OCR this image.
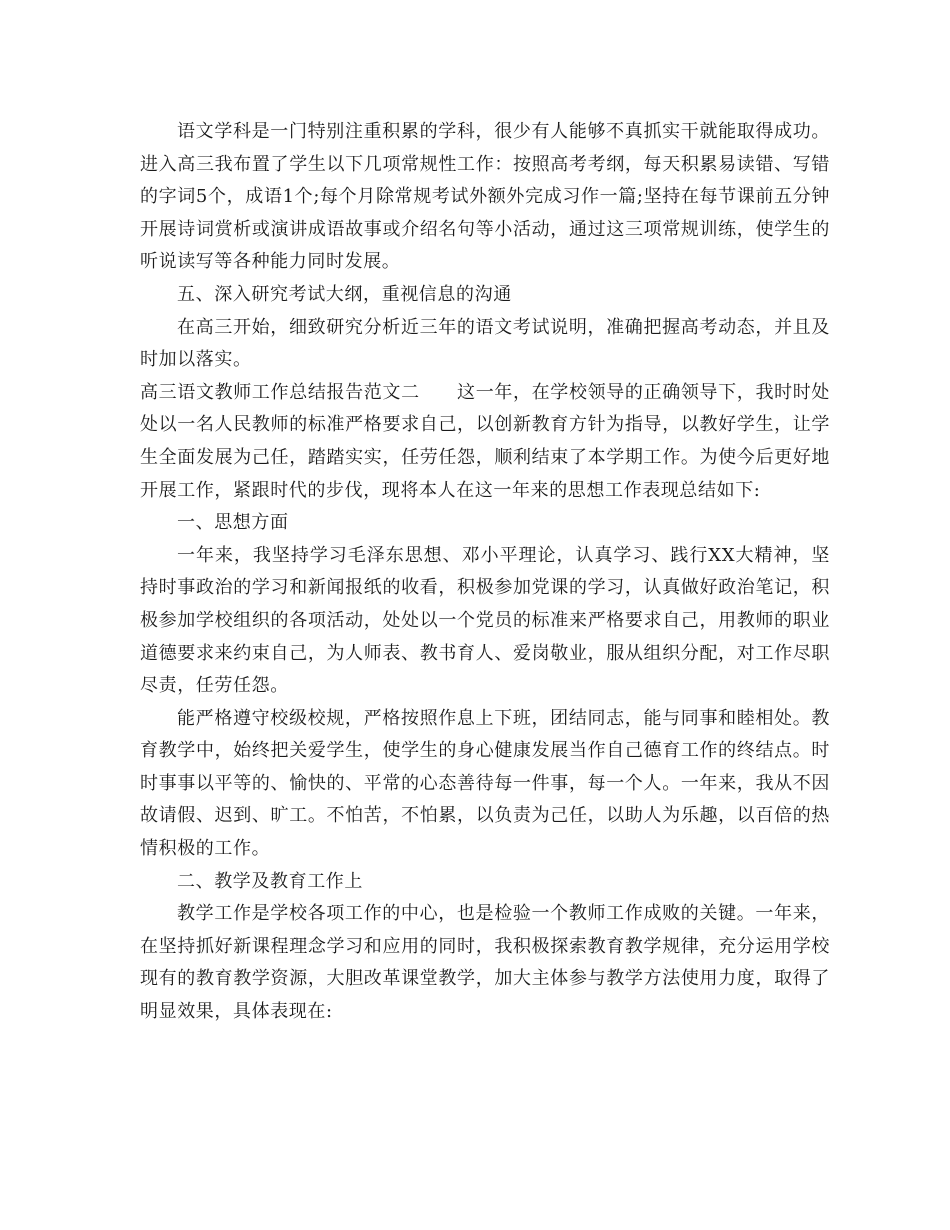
语文学科是一门特别注重积累的学科，很少有人能够不真抓实干就能取得成功。进入高三我布置了学生以下几项常规性工作：按照高考考纲，每天积累易读错、写错的字词5个，成语1个;每个月除常规考试外额外完成习作一篇;坚持在每节课前五分钟开展诗词赏析或演讲成语故事或介绍名句等小活动，通过这三项常规训练，使学生的听说读写等各种能力同时发展。

五、深入研究考试大纲，重视信息的沟通

在高三开始，细致研究分析近三年的语文考试说明，准确把握高考动态，并且及时加以落实。

高三语文教师工作总结报告范文二　　这一年，在学校领导的正确领导下，我时时处处以一名人民教师的标准严格要求自己，以创新教育方针为指导，以教好学生，让学生全面发展为己任，踏踏实实，任劳任怨，顺利结束了本学期工作。为使今后更好地开展工作，紧跟时代的步伐，现将本人在这一年来的思想工作表现总结如下:

一、思想方面

一年来，我坚持学习毛泽东思想、邓小平理论，认真学习、践行XX大精神，坚持时事政治的学习和新闻报纸的收看，积极参加党课的学习，认真做好政治笔记，积极参加学校组织的各项活动，处处以一个党员的标准来严格要求自己，用教师的职业道德要求来约束自己，为人师表、教书育人、爱岗敬业，服从组织分配，对工作尽职尽责，任劳任怨。

能严格遵守校级校规，严格按照作息上下班，团结同志，能与同事和睦相处。教育教学中，始终把关爱学生，使学生的身心健康发展当作自己德育工作的终结点。时时事事以平等的、愉快的、平常的心态善待每一件事，每一个人。一年来，我从不因故请假、迟到、旷工。不怕苦，不怕累，以负责为己任，以助人为乐趣，以百倍的热情积极的工作。

二、教学及教育工作上

教学工作是学校各项工作的中心，也是检验一个教师工作成败的关键。一年来，在坚持抓好新课程理念学习和应用的同时，我积极探索教育教学规律，充分运用学校现有的教育教学资源，大胆改革课堂教学，加大主体参与教学方法使用力度，取得了明显效果，具体表现在:
